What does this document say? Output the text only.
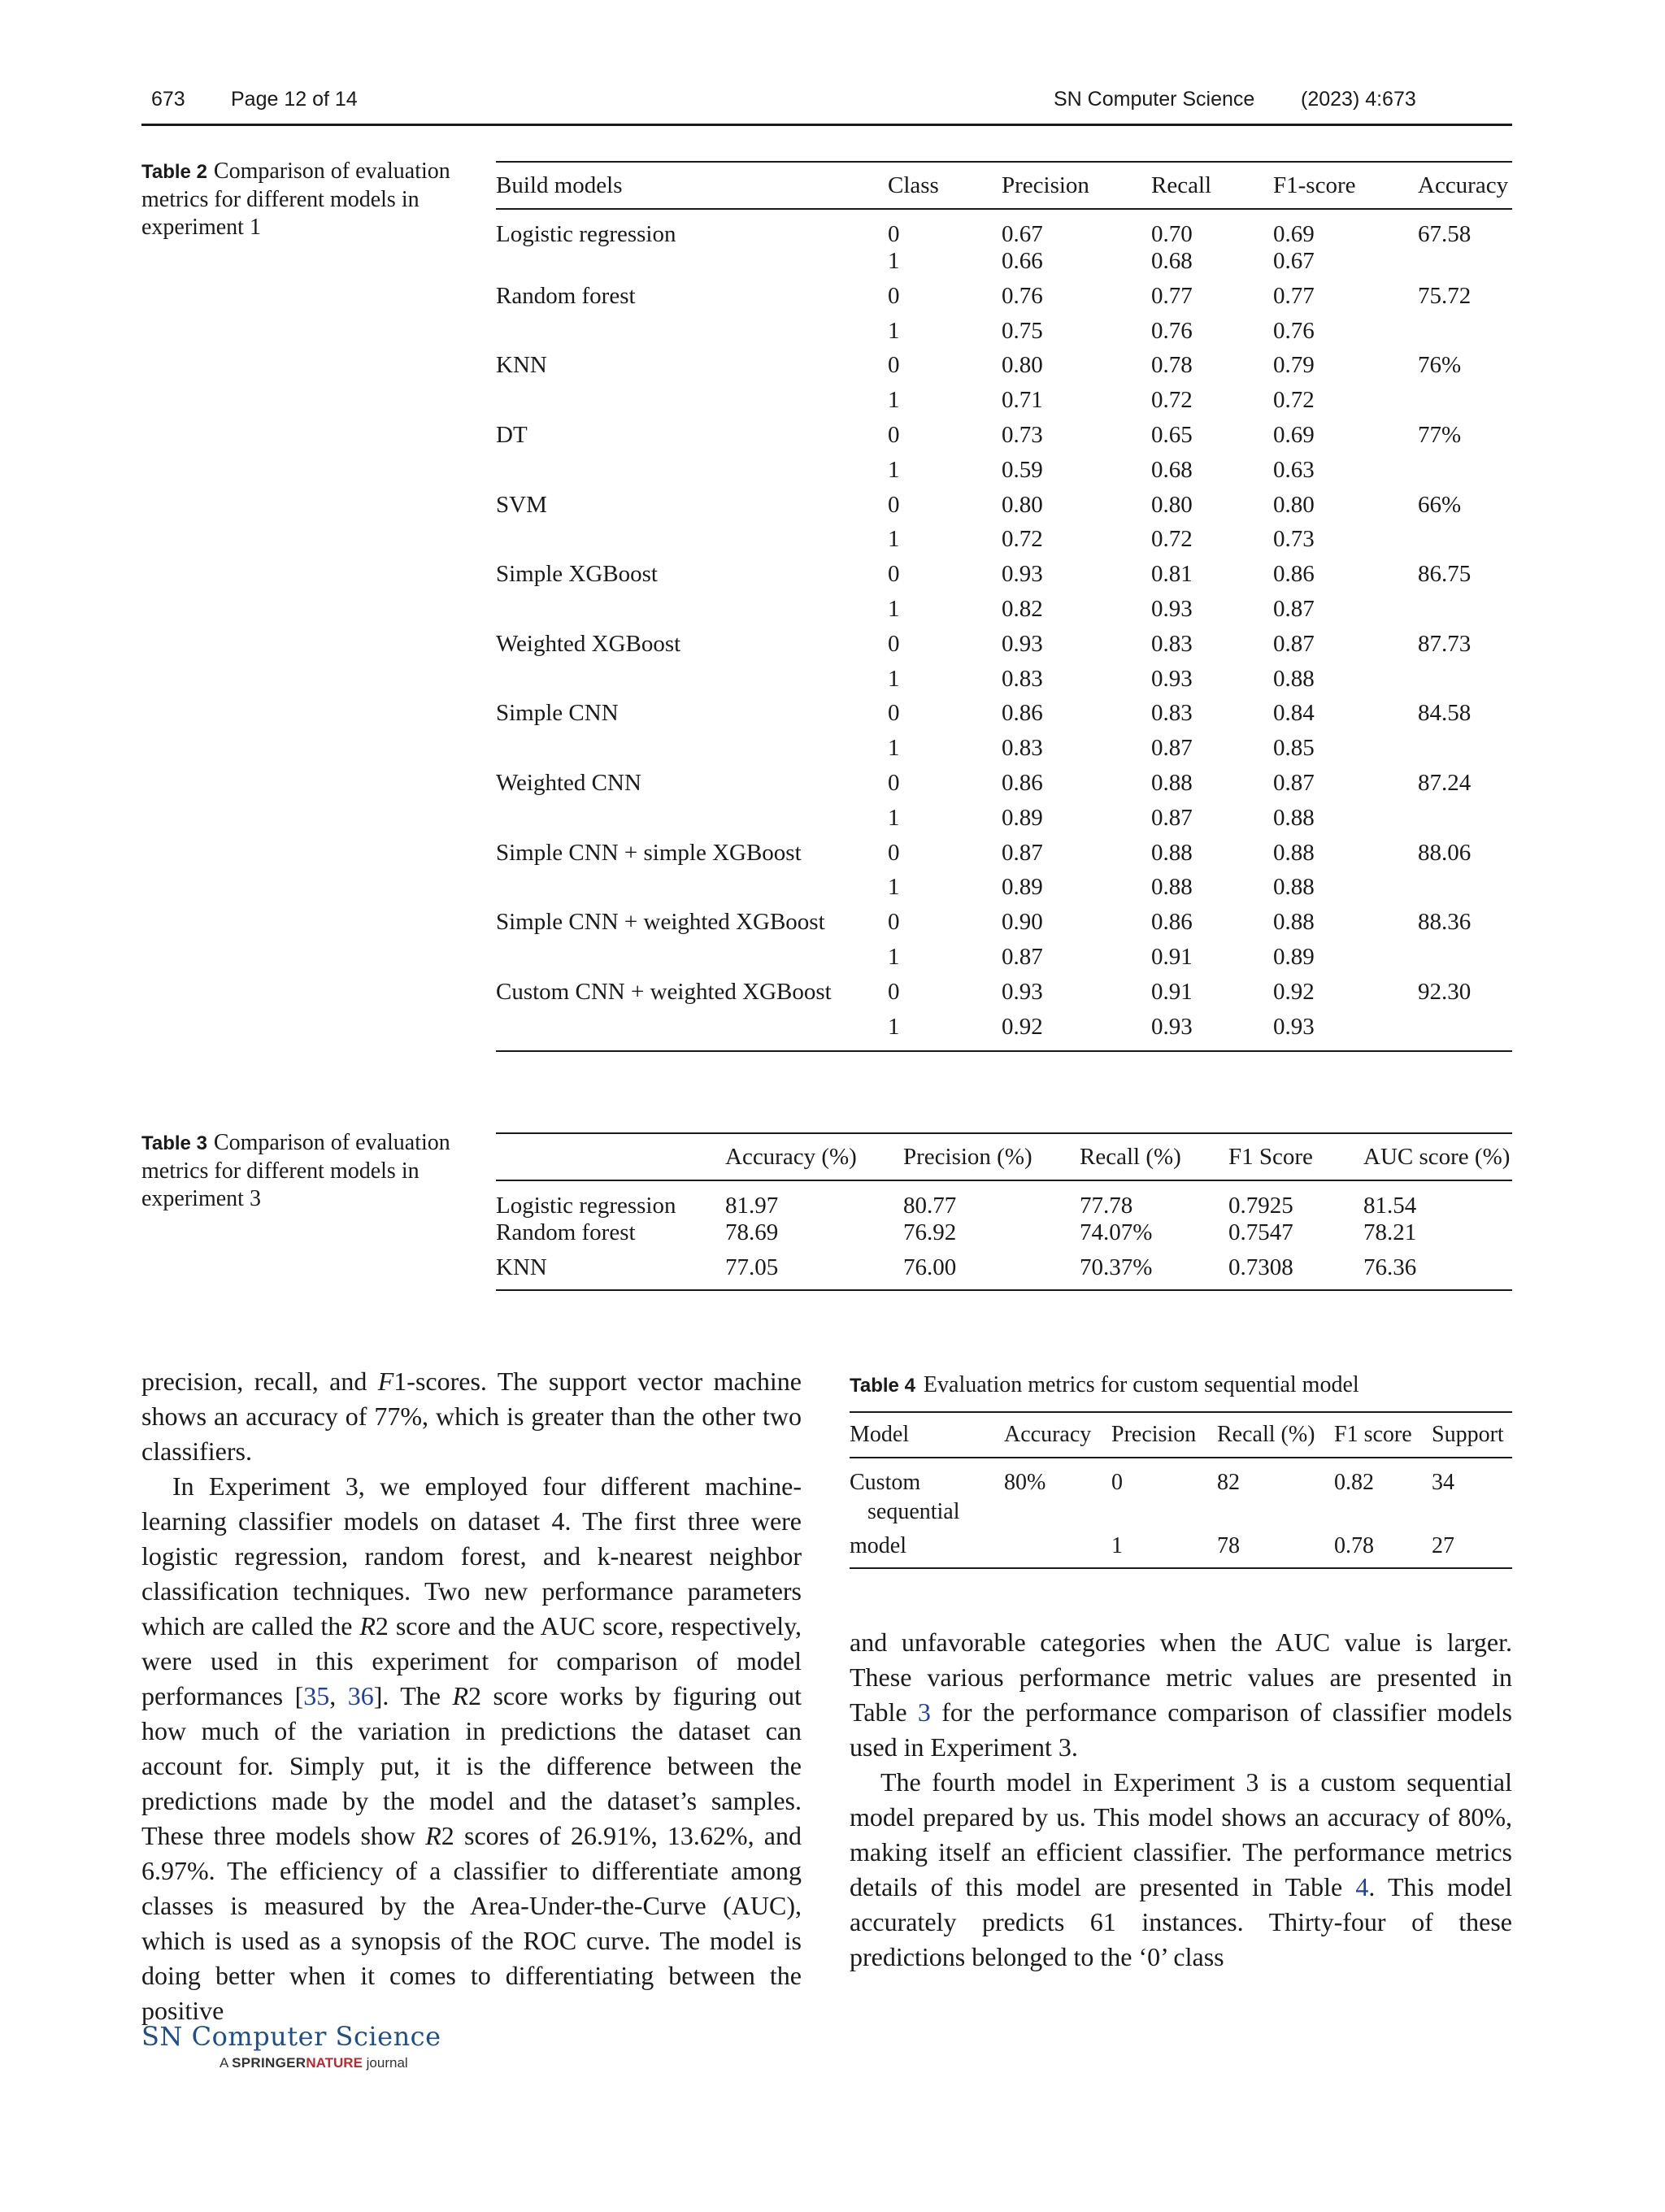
673 Page 12 of 14	SN Computer Science (2023) 4:673
Table 2 Comparison of evaluation metrics for different models in experiment 1
Build models	Class	Precision	Recall	F1-score	Accuracy
Logistic regression	0	0.67	0.70	0.69	67.58
	1	0.66	0.68	0.67	
Random forest	0	0.76	0.77	0.77	75.72
	1	0.75	0.76	0.76	
KNN	0	0.80	0.78	0.79	76%
	1	0.71	0.72	0.72	
DT	0	0.73	0.65	0.69	77%
	1	0.59	0.68	0.63	
SVM	0	0.80	0.80	0.80	66%
	1	0.72	0.72	0.73	
Simple XGBoost	0	0.93	0.81	0.86	86.75
	1	0.82	0.93	0.87	
Weighted XGBoost	0	0.93	0.83	0.87	87.73
	1	0.83	0.93	0.88	
Simple CNN	0	0.86	0.83	0.84	84.58
	1	0.83	0.87	0.85	
Weighted CNN	0	0.86	0.88	0.87	87.24
	1	0.89	0.87	0.88	
Simple CNN + simple XGBoost	0	0.87	0.88	0.88	88.06
	1	0.89	0.88	0.88	
Simple CNN + weighted XGBoost	0	0.90	0.86	0.88	88.36
	1	0.87	0.91	0.89	
Custom CNN + weighted XGBoost	0	0.93	0.91	0.92	92.30
	1	0.92	0.93	0.93	
Table 3 Comparison of evaluation metrics for different models in experiment 3
	Accuracy (%)	Precision (%)	Recall (%)	F1 Score	AUC score (%)
Logistic regression	81.97	80.77	77.78	0.7925	81.54
Random forest	78.69	76.92	74.07%	0.7547	78.21
KNN	77.05	76.00	70.37%	0.7308	76.36
Table 4 Evaluation metrics for custom sequential model
Model	Accuracy	Precision	Recall (%)	F1 score	Support
Custom
sequential	80%	0	82	0.82	34
model		1	78	0.78	27

precision, recall, and F1-scores. The support vector machine shows an accuracy of 77%, which is greater than the other two classifiers.

In Experiment 3, we employed four different machine-learning classifier models on dataset 4. The first three were logistic regression, random forest, and k-nearest neighbor classification techniques. Two new performance parameters which are called the R2 score and the AUC score, respectively, were used in this experiment for comparison of model performances [35, 36]. The R2 score works by figuring out how much of the variation in predictions the dataset can account for. Simply put, it is the difference between the predictions made by the model and the dataset’s samples. These three models show R2 scores of 26.91%, 13.62%, and 6.97%. The efficiency of a classifier to differentiate among classes is measured by the Area-Under-the-Curve (AUC), which is used as a synopsis of the ROC curve. The model is doing better when it comes to differentiating between the positive

and unfavorable categories when the AUC value is larger. These various performance metric values are presented in Table 3 for the performance comparison of classifier models used in Experiment 3.

The fourth model in Experiment 3 is a custom sequential model prepared by us. This model shows an accuracy of 80%, making itself an efficient classifier. The performance metrics details of this model are presented in Table 4. This model accurately predicts 61 instances. Thirty-four of these predictions belonged to the ‘0’ class

SN Computer Science
A SPRINGERNATURE journal
